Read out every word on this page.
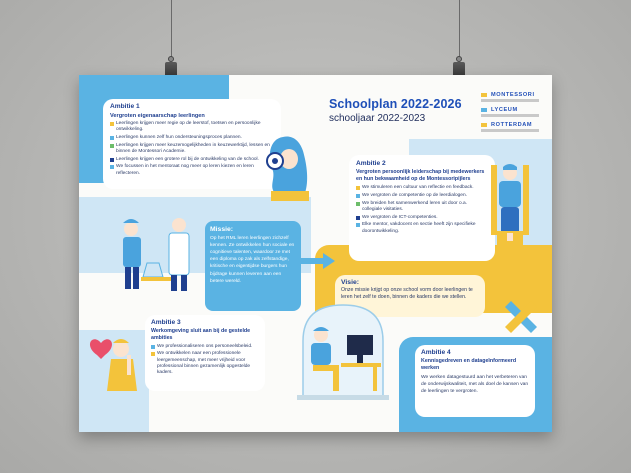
Schoolplan 2022-2026
schooljaar 2022-2023
MONTESSORI
LYCEUM
ROTTERDAM
Ambitie 1
Vergroten eigenaarschap leerlingen
Leerlingen krijgen meer regie op de leerstof, toetsen en persoonlijke ontwikkeling.
Leerlingen kunnen zelf hun ondersteuningsproces plannen.
Leerlingen krijgen meer keuzemogelijkheden in keuzewerktijd, lessen en binnen de Montessori Academie.
Leerlingen krijgen een grotere rol bij de ontwikkeling van de school.
We focussen in het mentoraat nog meer op leren kiezen en leren reflecteren.
Ambitie 2
Vergroten persoonlijk leiderschap bij medewerkers en hun bekwaamheid op de Montessoripijlers
We stimuleren een cultuur van reflectie en feedback.
We vergroten de competentie op de leerdialogen.
We breiden het samenwerkend leren uit door o.a. collegiale visitaties.
We vergroten de ICT-competenties.
Elke mentor, vakdocent en sectie heeft zijn specifieke doorontwikkeling.
Missie:
Op het RML leren leerlingen zichzelf kennen. Ze ontwikkelen hun sociale en cognitieve talenten, waardoor ze met een diploma op zak als zelfstandige, kritische en eigentijdse burgers hun bijdrage kunnen leveren aan een betere wereld.	Visie:
Onze missie krijgt op onze school vorm door leerlingen te leren het zelf te doen, binnen de kaders die we stellen.
Ambitie 3
Werkomgeving sluit aan bij de gestelde ambities
We professionaliseren ons personeelsbeleid.
We ontwikkelen naar een professionele leergemeenschap, met meer vrijheid voor professional binnen gezamenlijk opgestelde kaders.
Ambitie 4
Kennisgedreven en datageïnformeerd werken
We werken datagestuurd aan het verbeteren van de onderwijskwaliteit, met als doel de kansen van de leerlingen te vergroten.
